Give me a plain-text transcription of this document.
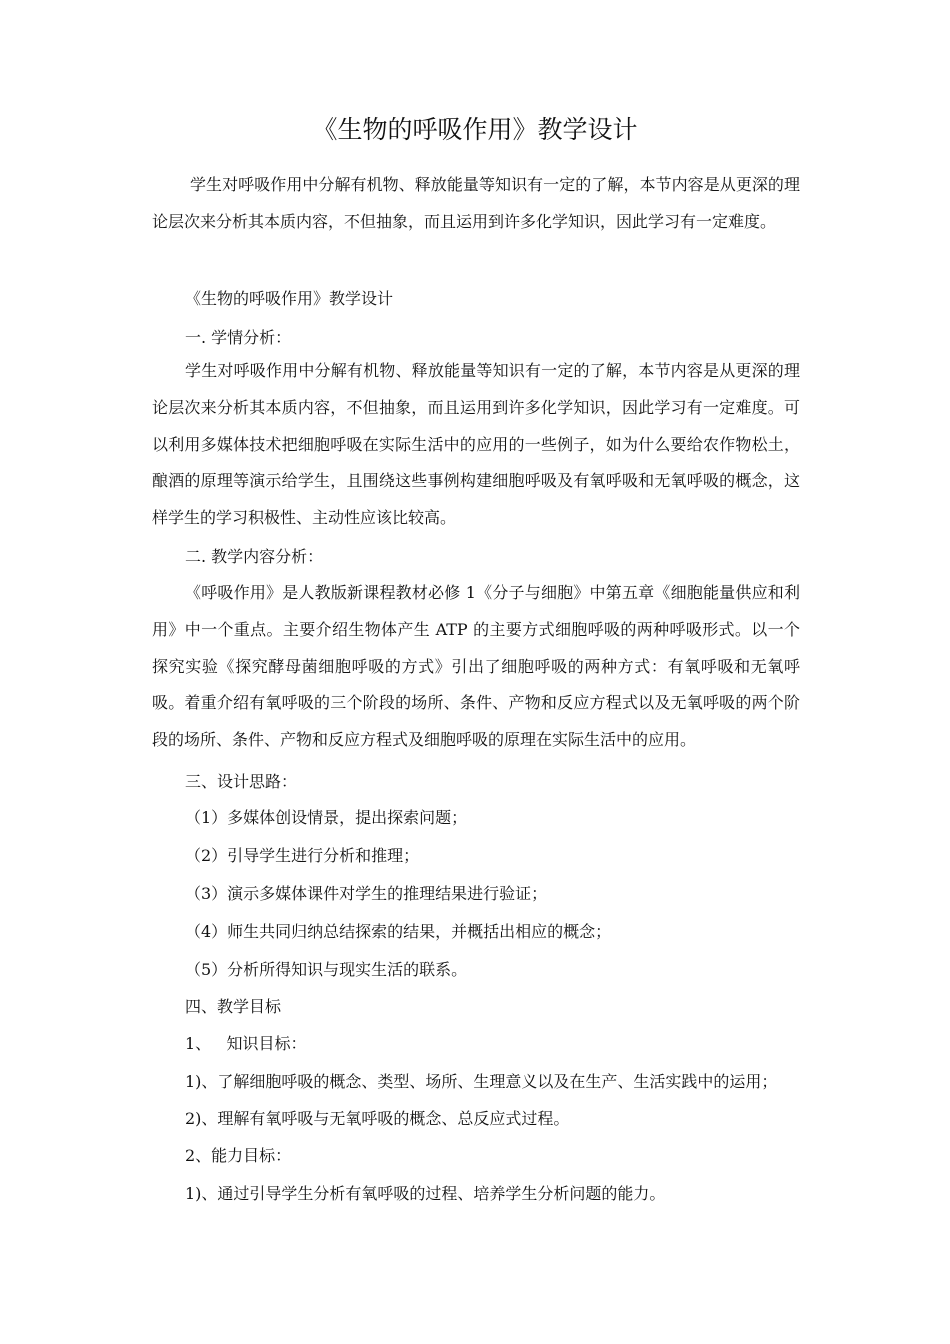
《生物的呼吸作用》教学设计

学生对呼吸作用中分解有机物、释放能量等知识有一定的了解，本节内容是从更深的理论层次来分析其本质内容，不但抽象，而且运用到许多化学知识，因此学习有一定难度。

《生物的呼吸作用》教学设计

一. 学情分析：

学生对呼吸作用中分解有机物、释放能量等知识有一定的了解，本节内容是从更深的理论层次来分析其本质内容，不但抽象，而且运用到许多化学知识，因此学习有一定难度。可以利用多媒体技术把细胞呼吸在实际生活中的应用的一些例子，如为什么要给农作物松土，酿酒的原理等演示给学生，且围绕这些事例构建细胞呼吸及有氧呼吸和无氧呼吸的概念，这样学生的学习积极性、主动性应该比较高。

二. 教学内容分析：

《呼吸作用》是人教版新课程教材必修 1《分子与细胞》中第五章《细胞能量供应和利用》中一个重点。主要介绍生物体产生 ATP 的主要方式细胞呼吸的两种呼吸形式。以一个探究实验《探究酵母菌细胞呼吸的方式》引出了细胞呼吸的两种方式：有氧呼吸和无氧呼吸。着重介绍有氧呼吸的三个阶段的场所、条件、产物和反应方程式以及无氧呼吸的两个阶段的场所、条件、产物和反应方程式及细胞呼吸的原理在实际生活中的应用。

三、设计思路：

（1）多媒体创设情景，提出探索问题；

（2）引导学生进行分析和推理；

（3）演示多媒体课件对学生的推理结果进行验证；

（4）师生共同归纳总结探索的结果，并概括出相应的概念；

（5）分析所得知识与现实生活的联系。

四、教学目标

1、   知识目标：

1)、了解细胞呼吸的概念、类型、场所、生理意义以及在生产、生活实践中的运用；

2)、理解有氧呼吸与无氧呼吸的概念、总反应式过程。

2、能力目标：

1)、通过引导学生分析有氧呼吸的过程、培养学生分析问题的能力。
